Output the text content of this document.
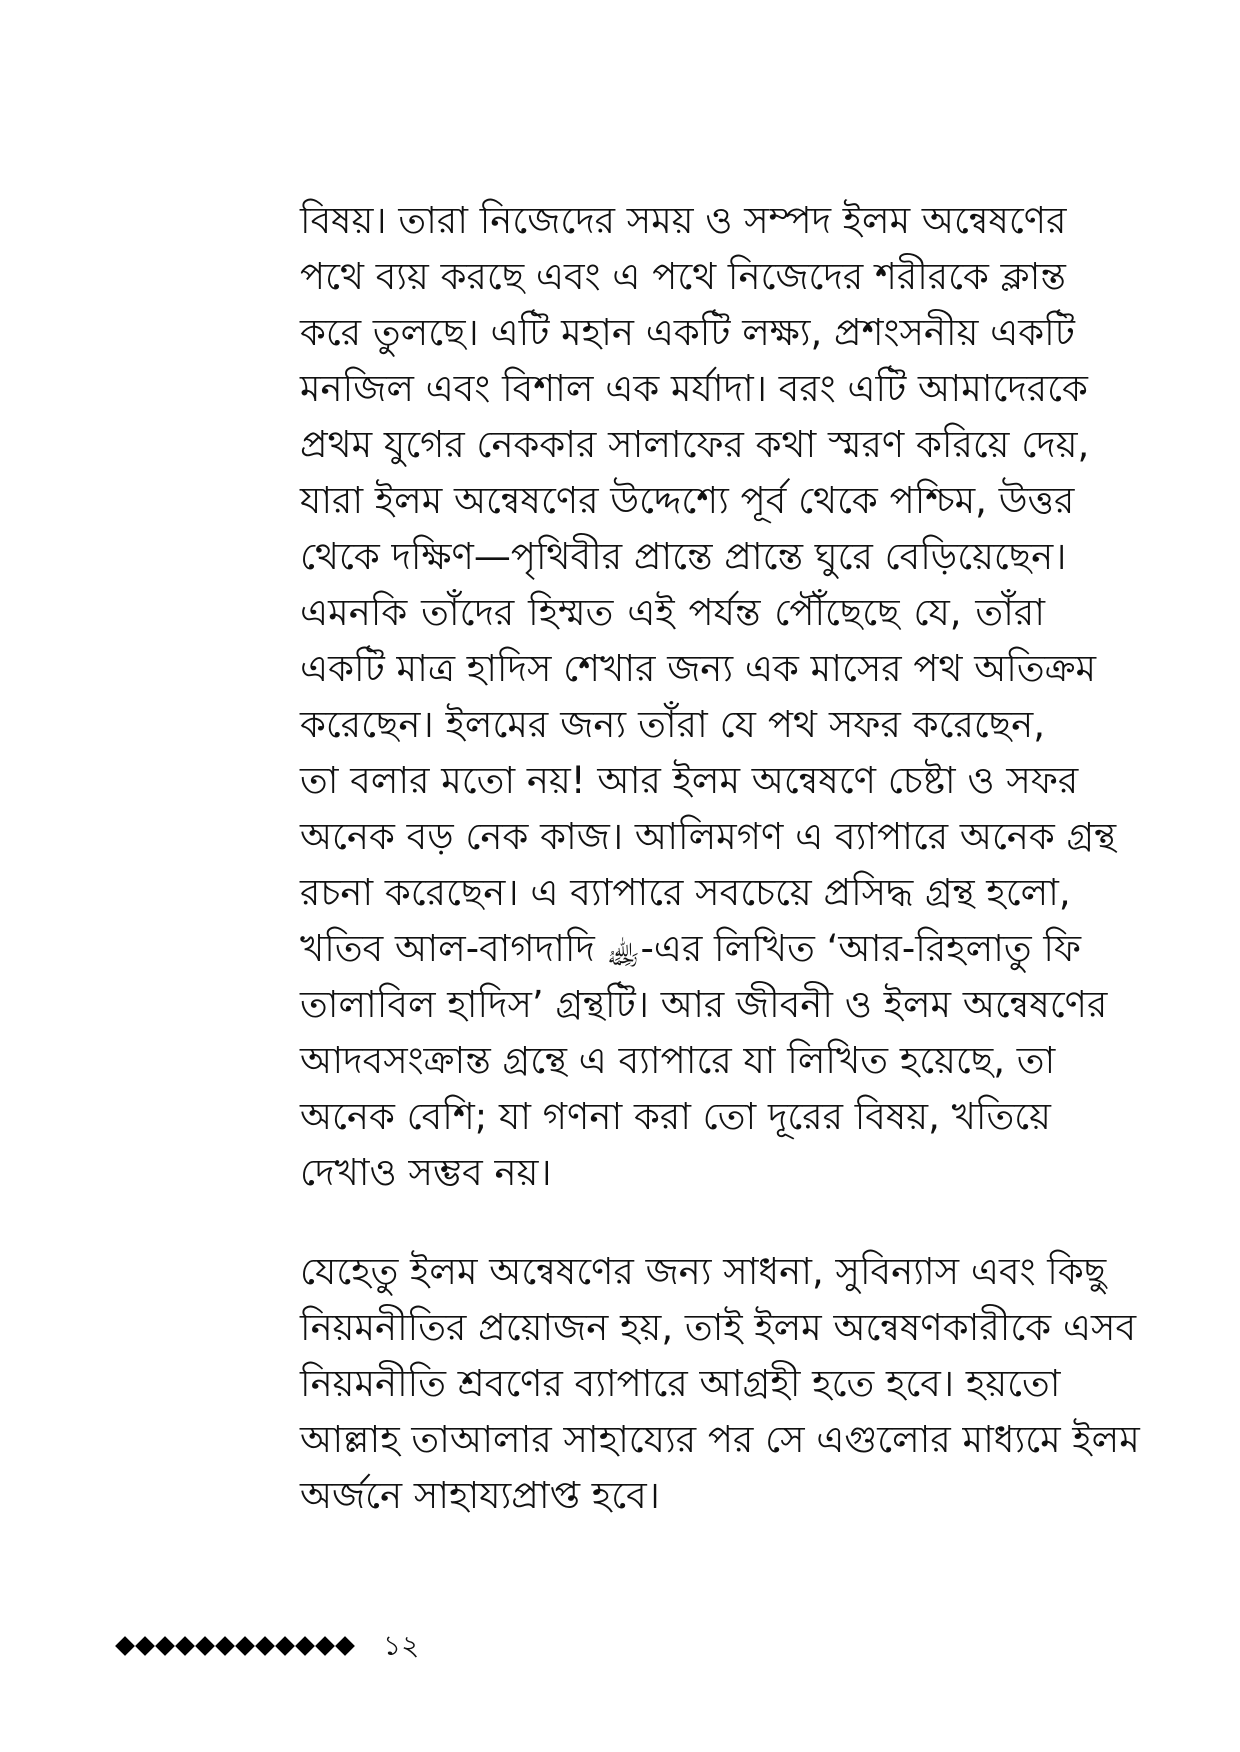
বিষয়। তারা নিজেদের সময় ও সম্পদ ইলম অন্বেষণের
পথে ব্যয় করছে এবং এ পথে নিজেদের শরীরকে ক্লান্ত
করে তুলছে। এটি মহান একটি লক্ষ্য, প্রশংসনীয় একটি
মনজিল এবং বিশাল এক মর্যাদা। বরং এটি আমাদেরকে
প্রথম যুগের নেককার সালাফের কথা স্মরণ করিয়ে দেয়,
যারা ইলম অন্বেষণের উদ্দেশ্যে পূর্ব থেকে পশ্চিম, উত্তর
থেকে দক্ষিণ—পৃথিবীর প্রান্তে প্রান্তে ঘুরে বেড়িয়েছেন।
এমনকি তাঁদের হিম্মত এই পর্যন্ত পৌঁছেছে যে, তাঁরা
একটি মাত্র হাদিস শেখার জন্য এক মাসের পথ অতিক্রম
করেছেন। ইলমের জন্য তাঁরা যে পথ সফর করেছেন,
তা বলার মতো নয়! আর ইলম অন্বেষণে চেষ্টা ও সফর
অনেক বড় নেক কাজ। আলিমগণ এ ব্যাপারে অনেক গ্রন্থ
রচনা করেছেন। এ ব্যাপারে সবচেয়ে প্রসিদ্ধ গ্রন্থ হলো,
খতিব আল-বাগদাদি ﵀-এর লিখিত ‘আর-রিহলাতু ফি
তালাবিল হাদিস’ গ্রন্থটি। আর জীবনী ও ইলম অন্বেষণের
আদবসংক্রান্ত গ্রন্থে এ ব্যাপারে যা লিখিত হয়েছে, তা
অনেক বেশি; যা গণনা করা তো দূরের বিষয়, খতিয়ে
দেখাও সম্ভব নয়।
যেহেতু ইলম অন্বেষণের জন্য সাধনা, সুবিন্যাস এবং কিছু
নিয়মনীতির প্রয়োজন হয়, তাই ইলম অন্বেষণকারীকে এসব
নিয়মনীতি শ্রবণের ব্যাপারে আগ্রহী হতে হবে। হয়তো
আল্লাহ তাআলার সাহায্যের পর সে এগুলোর মাধ্যমে ইলম
অর্জনে সাহায্যপ্রাপ্ত হবে।
১২
